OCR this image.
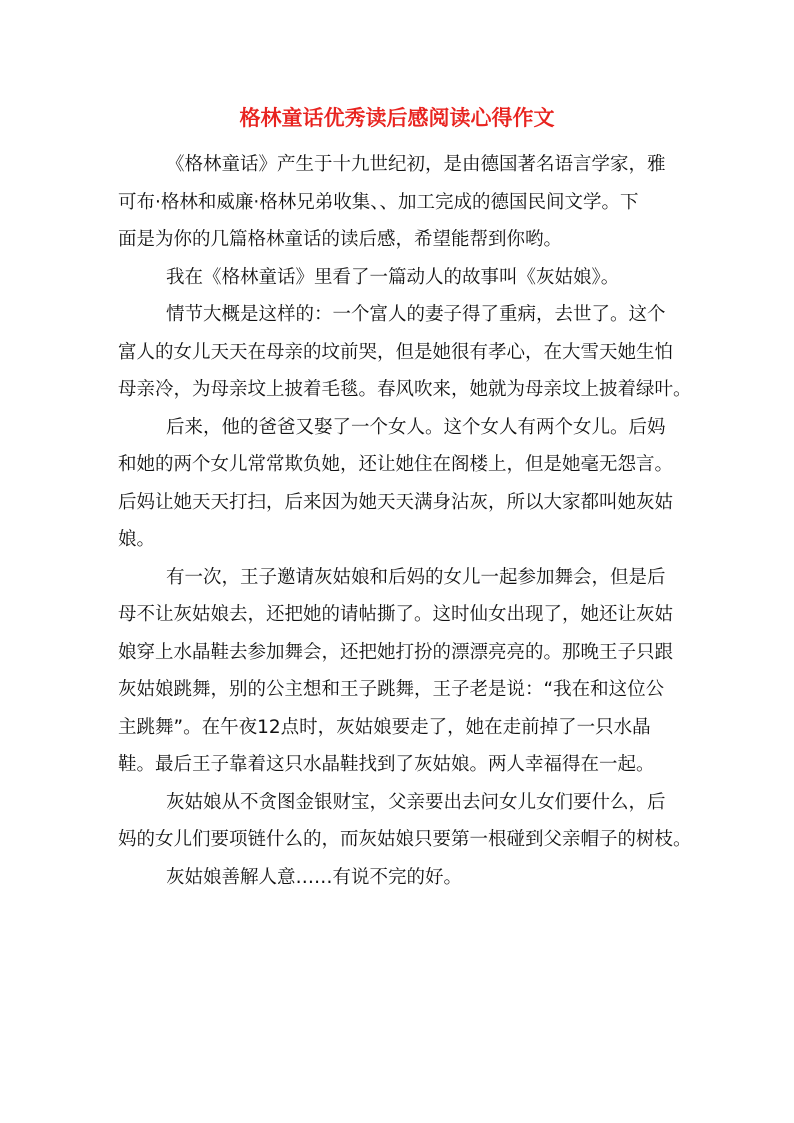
格林童话优秀读后感阅读心得作文
《格林童话》产生于十九世纪初，是由德国著名语言学家，雅
可布·格林和威廉·格林兄弟收集、、加工完成的德国民间文学。下
面是为你的几篇格林童话的读后感，希望能帮到你哟。
我在《格林童话》里看了一篇动人的故事叫《灰姑娘》。
情节大概是这样的：一个富人的妻子得了重病，去世了。这个
富人的女儿天天在母亲的坟前哭，但是她很有孝心，在大雪天她生怕
母亲冷，为母亲坟上披着毛毯。春风吹来，她就为母亲坟上披着绿叶。
后来，他的爸爸又娶了一个女人。这个女人有两个女儿。后妈
和她的两个女儿常常欺负她，还让她住在阁楼上，但是她毫无怨言。
后妈让她天天打扫，后来因为她天天满身沾灰，所以大家都叫她灰姑
娘。
有一次，王子邀请灰姑娘和后妈的女儿一起参加舞会，但是后
母不让灰姑娘去，还把她的请帖撕了。这时仙女出现了，她还让灰姑
娘穿上水晶鞋去参加舞会，还把她打扮的漂漂亮亮的。那晚王子只跟
灰姑娘跳舞，别的公主想和王子跳舞，王子老是说：“我在和这位公
主跳舞”。在午夜12点时，灰姑娘要走了，她在走前掉了一只水晶
鞋。最后王子靠着这只水晶鞋找到了灰姑娘。两人幸福得在一起。
灰姑娘从不贪图金银财宝，父亲要出去问女儿女们要什么，后
妈的女儿们要项链什么的，而灰姑娘只要第一根碰到父亲帽子的树枝。
灰姑娘善解人意……有说不完的好。
